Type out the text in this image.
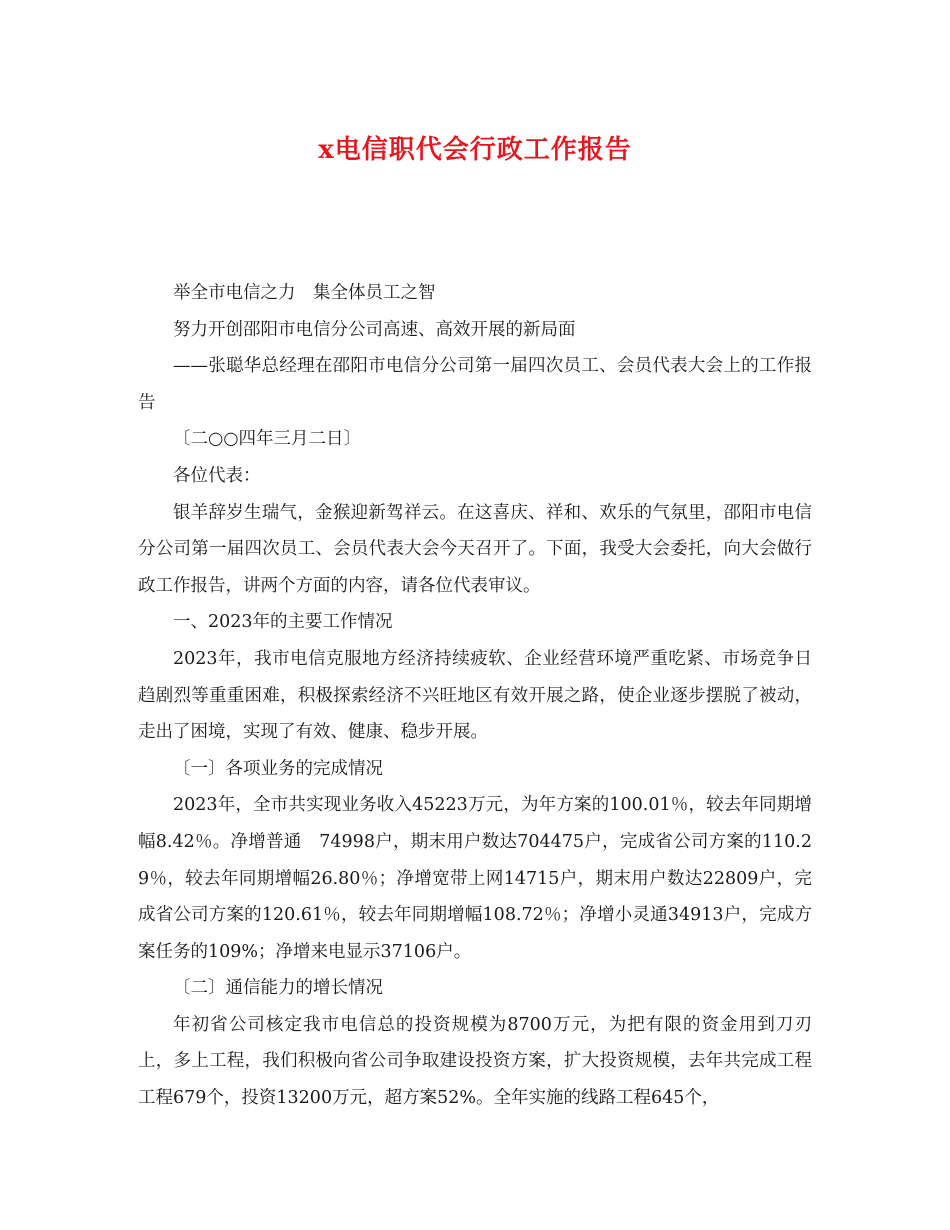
x电信职代会行政工作报告

举全市电信之力　集全体员工之智

努力开创邵阳市电信分公司高速、高效开展的新局面

——张聪华总经理在邵阳市电信分公司第一届四次员工、会员代表大会上的工作报告

〔二○○四年三月二日〕

各位代表：

银羊辞岁生瑞气，金猴迎新驾祥云。在这喜庆、祥和、欢乐的气氛里，邵阳市电信分公司第一届四次员工、会员代表大会今天召开了。下面，我受大会委托，向大会做行政工作报告，讲两个方面的内容，请各位代表审议。

一、2023年的主要工作情况

2023年，我市电信克服地方经济持续疲软、企业经营环境严重吃紧、市场竞争日趋剧烈等重重困难，积极探索经济不兴旺地区有效开展之路，使企业逐步摆脱了被动，走出了困境，实现了有效、健康、稳步开展。

〔一〕各项业务的完成情况

2023年，全市共实现业务收入45223万元，为年方案的100.01％，较去年同期增幅8.42％。净增普通　74998户，期末用户数达704475户，完成省公司方案的110.29％，较去年同期增幅26.80％；净增宽带上网14715户，期末用户数达22809户，完成省公司方案的120.61％，较去年同期增幅108.72％；净增小灵通34913户，完成方案任务的109%；净增来电显示37106户。

〔二〕通信能力的增长情况

年初省公司核定我市电信总的投资规模为8700万元，为把有限的资金用到刀刃上，多上工程，我们积极向省公司争取建设投资方案，扩大投资规模，去年共完成工程工程679个，投资13200万元，超方案52%。全年实施的线路工程645个，
